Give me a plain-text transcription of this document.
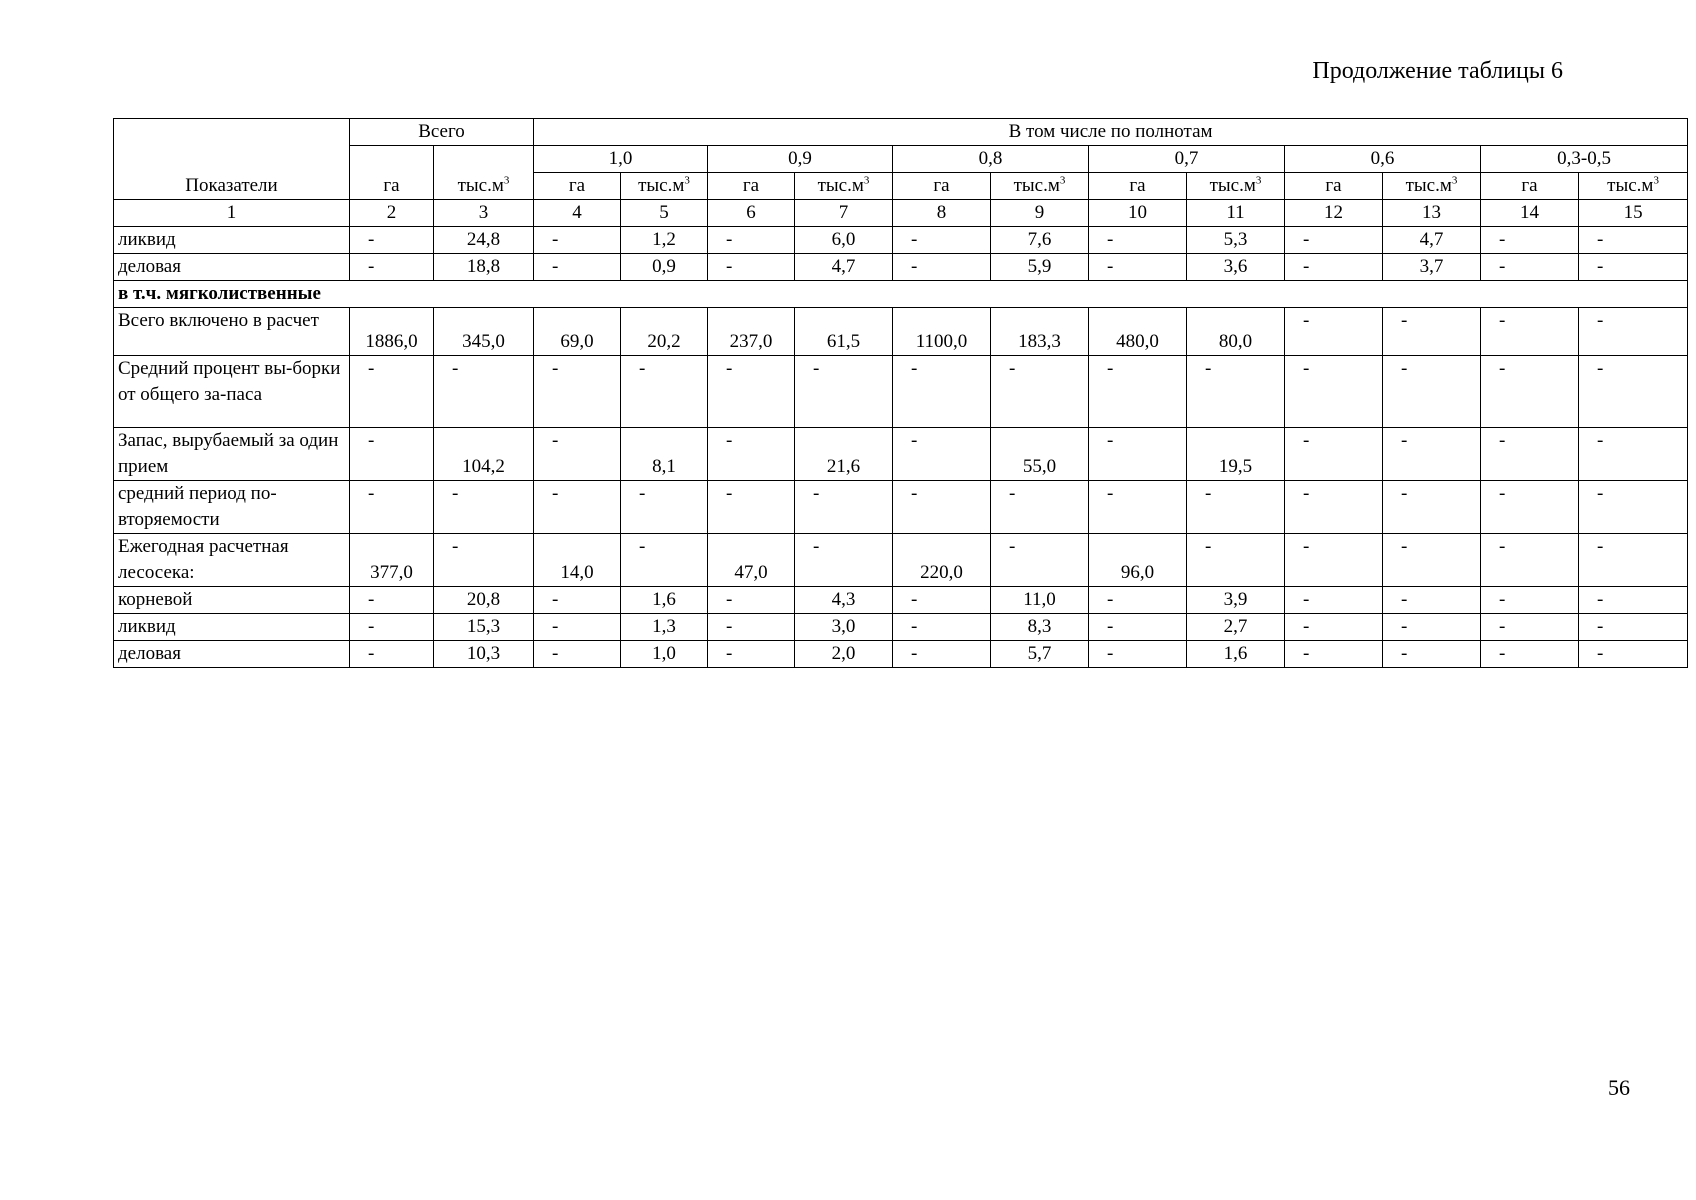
Продолжение таблицы 6
Показатели	Всего		В том числе по полнотам											
	га	$тыс.м^3$	1,0		0,9		0,8		0,7		0,6		0,3-0,5	
			га	$тыс.м^3$	га	$тыс.м^3$	га	$тыс.м^3$	га	$тыс.м^3$	га	$тыс.м^3$	га	$тыс.м^3$
1	2	3	4	5	6	7	8	9	10	11	12	13	14	15
ликвид	-	24,8	-	1,2	-	6,0	-	7,6	-	5,3	-	4,7	-	-
деловая	-	18,8	-	0,9	-	4,7	-	5,9	-	3,6	-	3,7	-	-
в т.ч. мягколиственные														
Всего включено в расчет	1886,0	345,0	69,0	20,2	237,0	61,5	1100,0	183,3	480,0	80,0	-	-	-	-
Средний процент вы-борки от общего за-паса	-	-	-	-	-	-	-	-	-	-	-	-	-	-
Запас, вырубаемый за один прием	-	104,2	-	8,1	-	21,6	-	55,0	-	19,5	-	-	-	-
средний период по-вторяемости	-	-	-	-	-	-	-	-	-	-	-	-	-	-
Ежегодная расчетная лесосека:	377,0	-	14,0	-	47,0	-	220,0	-	96,0	-	-	-	-	-
корневой	-	20,8	-	1,6	-	4,3	-	11,0	-	3,9	-	-	-	-
ликвид	-	15,3	-	1,3	-	3,0	-	8,3	-	2,7	-	-	-	-
деловая	-	10,3	-	1,0	-	2,0	-	5,7	-	1,6	-	-	-	-
56
